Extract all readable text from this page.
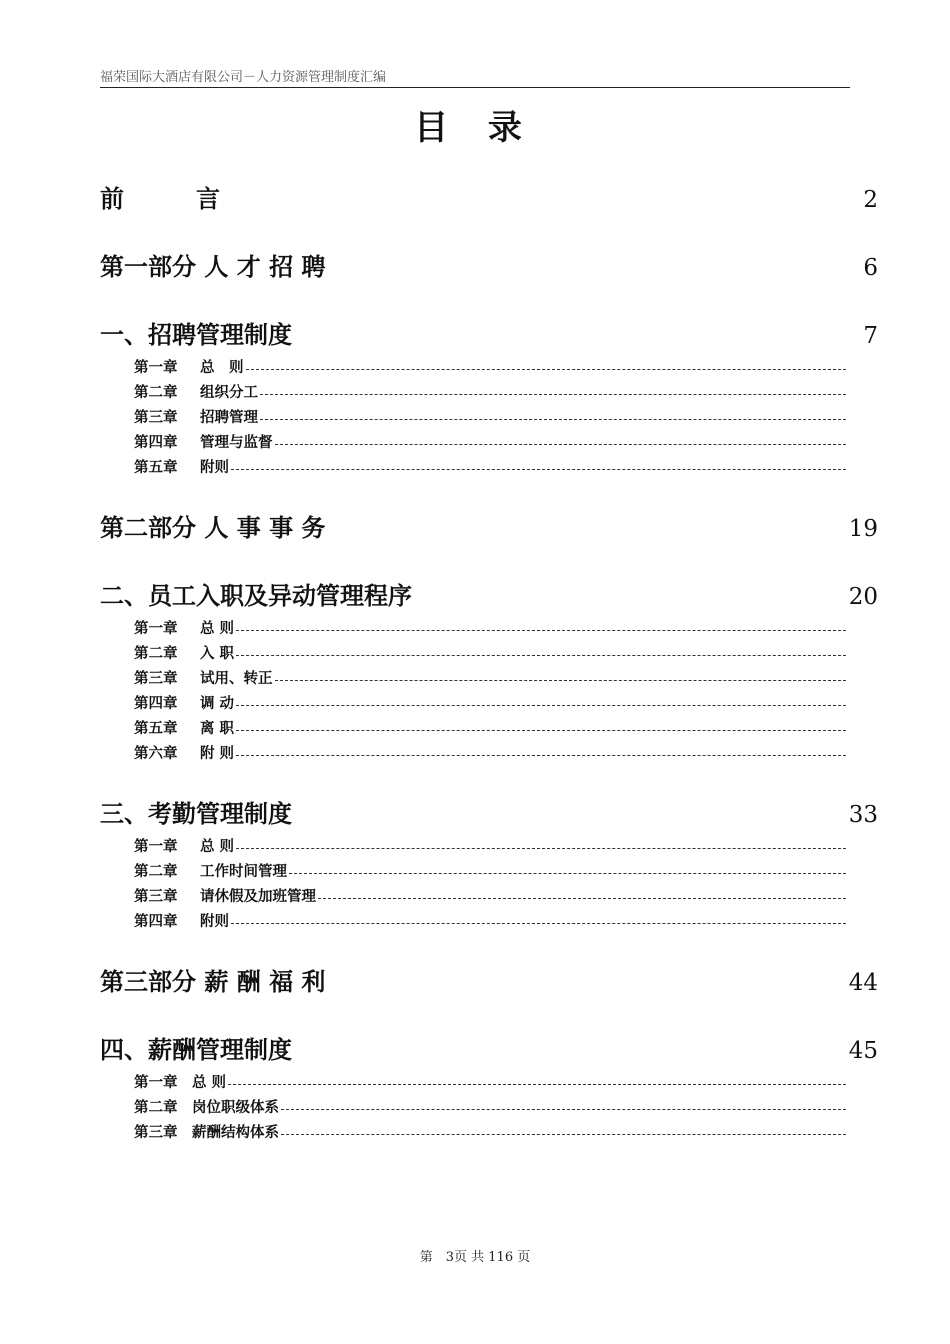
福荣国际大酒店有限公司－人力资源管理制度汇编
目 录
前　　　言	2
第一部分 人 才 招 聘	6
一、招聘管理制度	7
第一章	总　则
第二章	组织分工
第三章	招聘管理
第四章	管理与监督
第五章	附则
第二部分 人 事 事 务	19
二、员工入职及异动管理程序	20
第一章	总 则
第二章	入 职
第三章	试用、转正
第四章	调 动
第五章	离 职
第六章	附 则
三、考勤管理制度	33
第一章	总 则
第二章	工作时间管理
第三章	请休假及加班管理
第四章	附则
第三部分 薪 酬 福 利	44
四、薪酬管理制度	45
第一章	总 则
第二章	岗位职级体系
第三章	薪酬结构体系
第　3页 共 116 页
